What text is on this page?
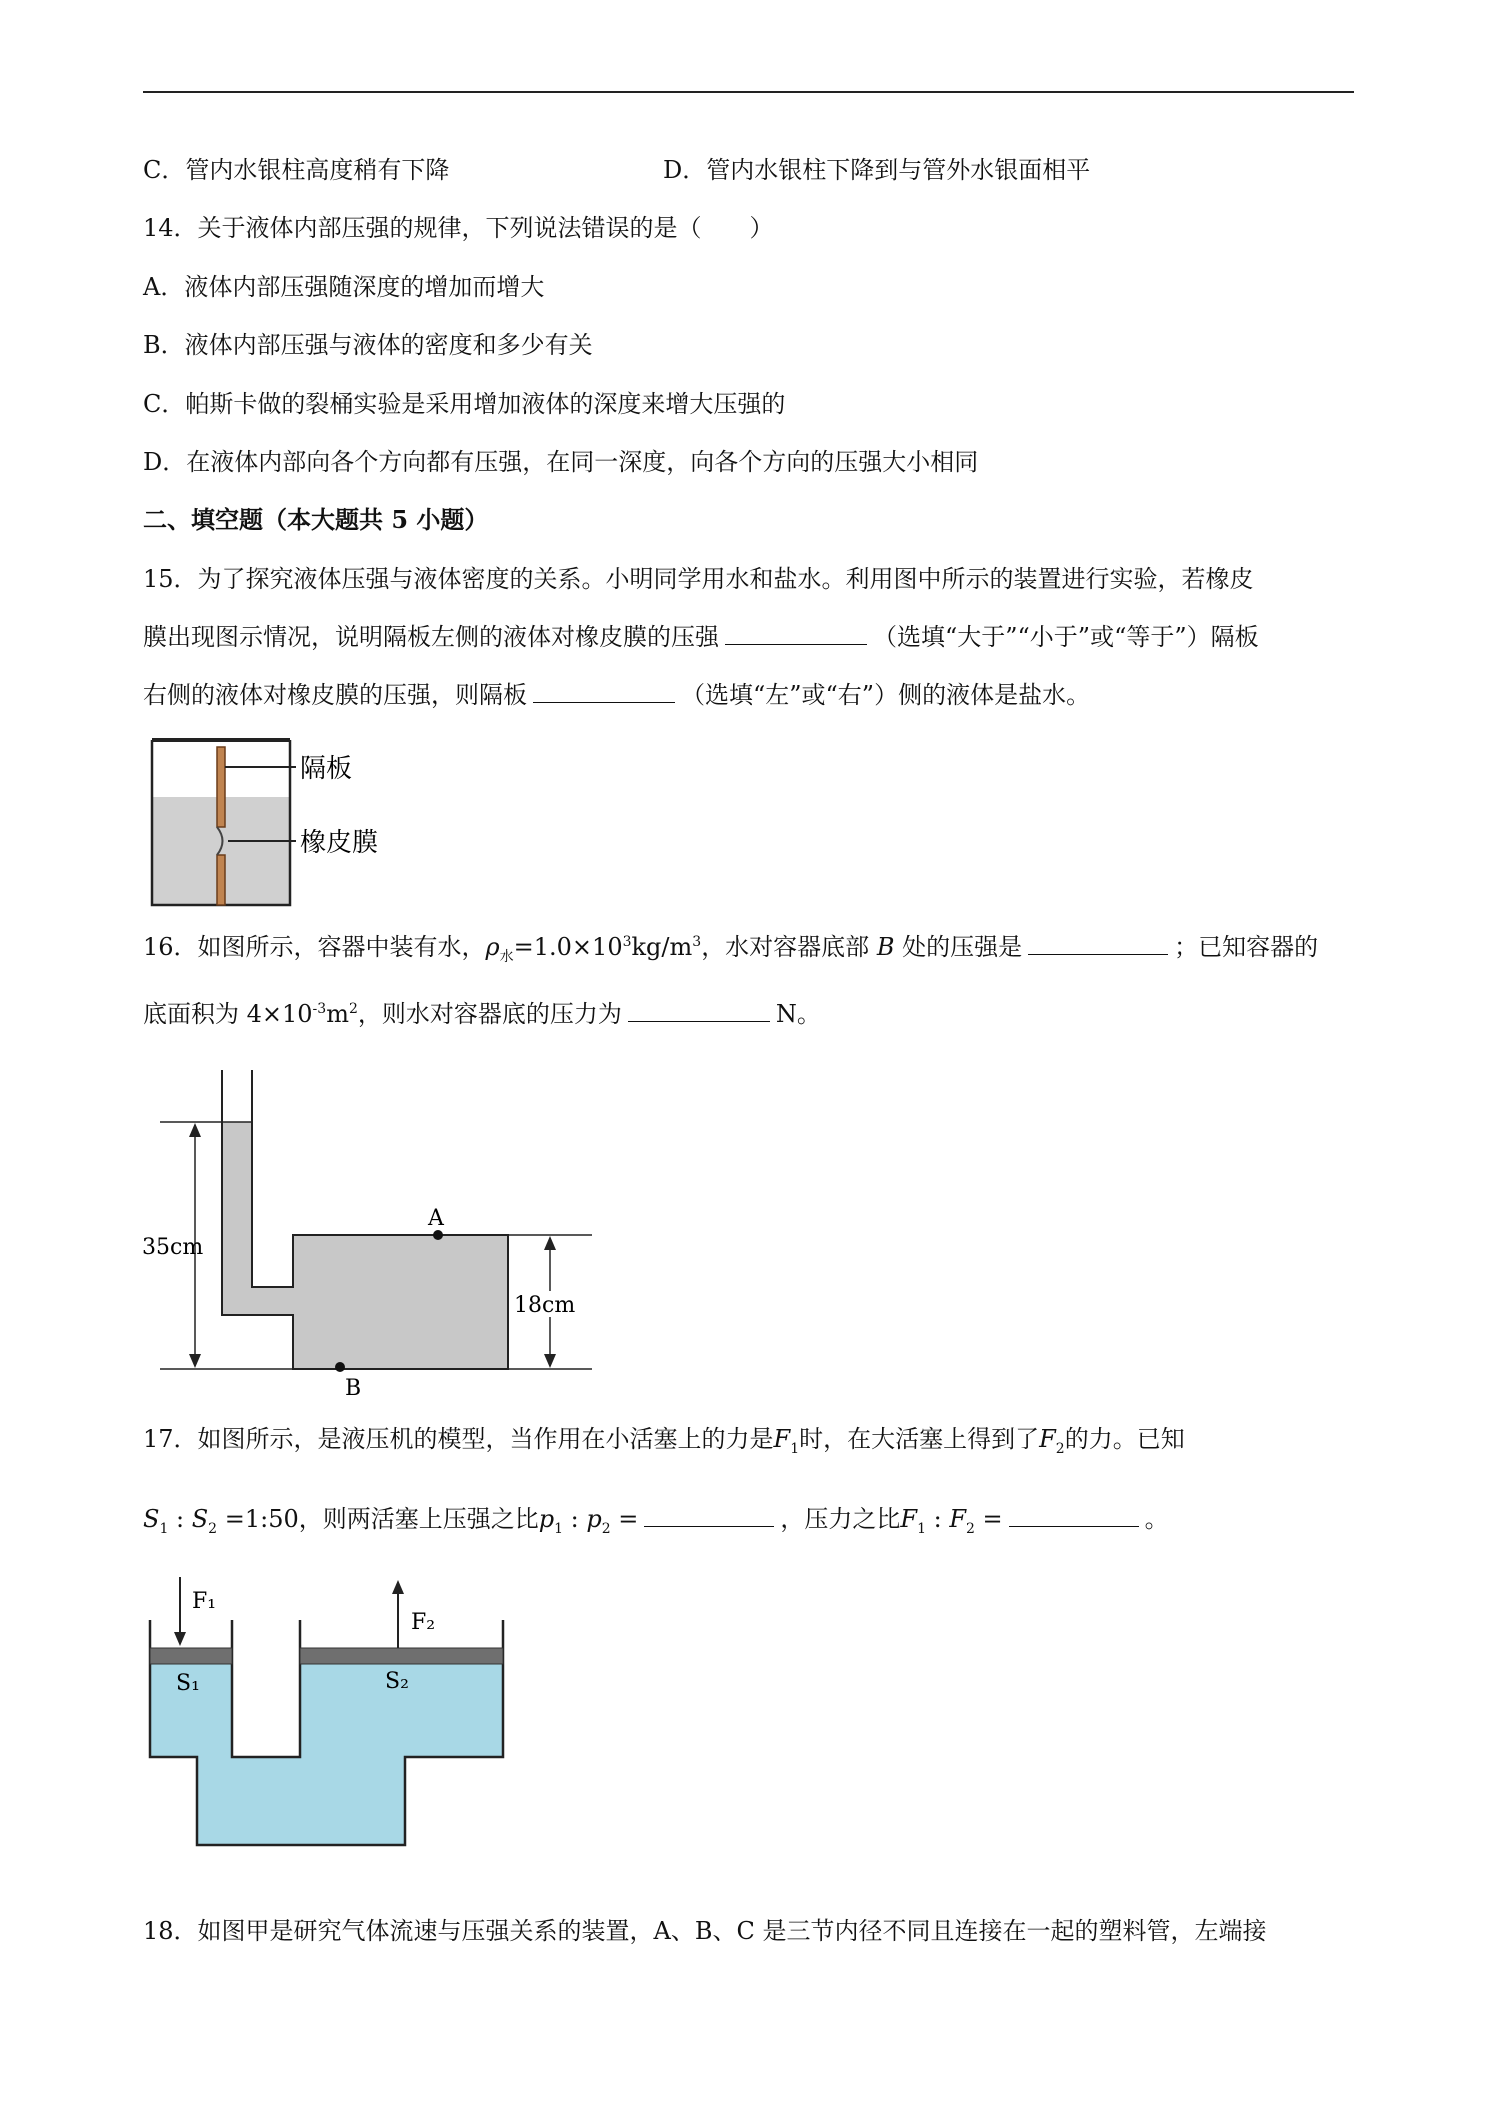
C．管内水银柱高度稍有下降	D．管内水银柱下降到与管外水银面相平
14．关于液体内部压强的规律，下列说法错误的是（　　）
A．液体内部压强随深度的增加而增大
B．液体内部压强与液体的密度和多少有关
C．帕斯卡做的裂桶实验是采用增加液体的深度来增大压强的
D．在液体内部向各个方向都有压强，在同一深度，向各个方向的压强大小相同
二、填空题（本大题共 5 小题）
15．为了探究液体压强与液体密度的关系。小明同学用水和盐水。利用图中所示的装置进行实验，若橡皮
膜出现图示情况，说明隔板左侧的液体对橡皮膜的压强	（选填“大于”“小于”或“等于”）隔板
右侧的液体对橡皮膜的压强，则隔板	（选填“左”或“右”）侧的液体是盐水。
隔板
橡皮膜
16．如图所示，容器中装有水，$\rho_水=1.0\times 10^3kg/m^3$，水对容器底部 B 处的压强是	；已知容器的
底面积为 $4\times 10^{-3}m^2$，则水对容器底的压力为	N。
35cm
18cm
A
B
17．如图所示，是液压机的模型，当作用在小活塞上的力是$F_1$时，在大活塞上得到了$F_2$的力。已知
$S_1$ : $S_2$ =1:50，则两活塞上压强之比$p_1$ : $p_2$ =	，压力之比$F_1$ : $F_2$ =	。
F₁
F₂
S₁	S₂
18．如图甲是研究气体流速与压强关系的装置，A、B、C 是三节内径不同且连接在一起的塑料管，左端接
